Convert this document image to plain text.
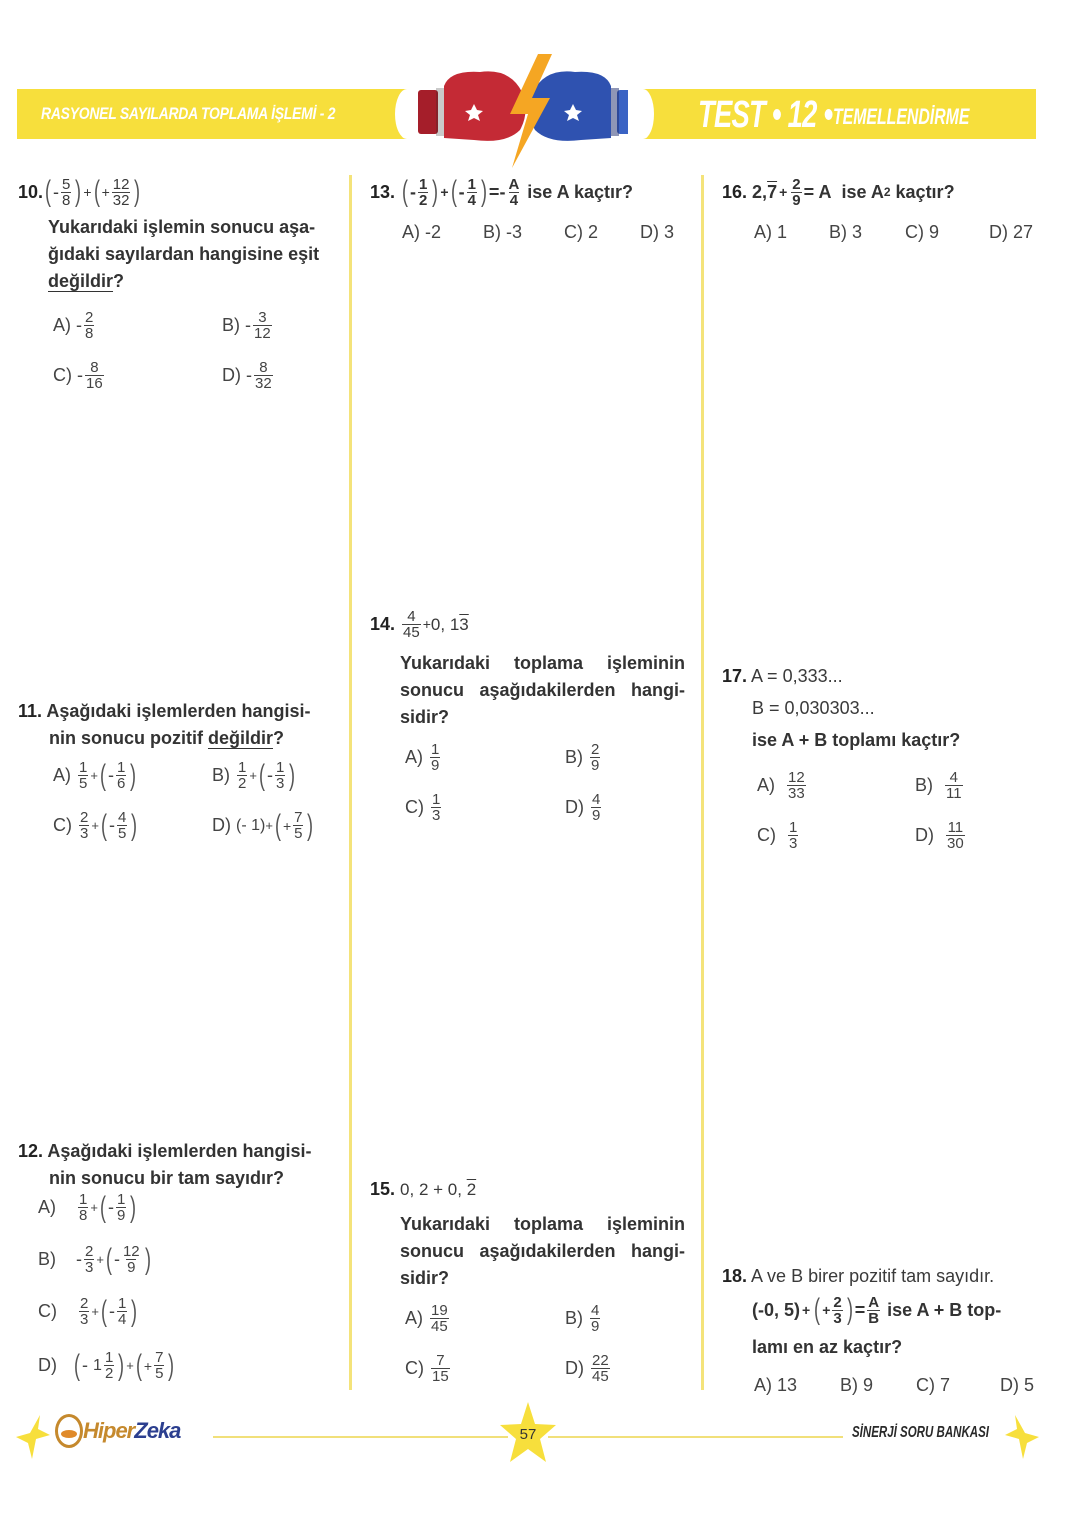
RASYONEL SAYILARDA TOPLAMA İŞLEMİ - 2	TEST • 12 • TEMELLENDİRME
10. ( - $\frac{5}{8}$ ) + ( + $\frac{12}{32}$ )
Yukarıdaki işlemin sonucu aşa-
ğıdaki sayılardan hangisine eşit
değildir?
A)
- $\frac{2}{8}$	B)
- $\frac{3}{12}$
C)
- $\frac{8}{16}$	D)
- $\frac{8}{32}$
11. Aşağıdaki işlemlerden hangisi-
nin sonucu pozitif değildir?
A)
$\frac{1}{5}$ + ( - $\frac{1}{6}$ )	B)
$\frac{1}{2}$ + ( - $\frac{1}{3}$ )
C)
$\frac{2}{3}$ + ( - $\frac{4}{5}$ )	D)
(- 1) + ( + $\frac{7}{5}$ )
12. Aşağıdaki işlemlerden hangisi-
nin sonucu bir tam sayıdır?
A)
$\frac{1}{8}$ + ( - $\frac{1}{9}$ )
B)
- $\frac{2}{3}$ + ( - $\frac{12}{9}$ )
C)
$\frac{2}{3}$ + ( - $\frac{1}{4}$ )
D)
( -
$1 \frac{1}{2}$ ) + ( + $\frac{7}{5}$ )
13.
( - $\frac{1}{2}$ ) + ( - $\frac{1}{4}$ ) = - $\frac{A}{4}$
ise A kaçtır?
A)
-2 B)
-3 C)
2 D)
3
14.
$\frac{4}{45} + 0$, 1 3
Yukarıdaki toplama işleminin
sonucu aşağıdakilerden hangi-
sidir?
A)
$\frac{1}{9}$	B)
$\frac{2}{9}$
C)
$\frac{1}{3}$	D)
$\frac{4}{9}$
15. 0, 2 + 0, 2
Yukarıdaki toplama işleminin
sonucu aşağıdakilerden hangi-
sidir?
A)
$\frac{19}{45}$	B)
$\frac{4}{9}$
C)
$\frac{7}{15}$	D)
$\frac{22}{45}$
16.
2, $7 + \frac{2}{9} = A$
ise A 2
kaçtır?
A)
1 B)
3 C)
9	D)
27
17. A = 0,333...
B = 0,030303...
ise A + B toplamı kaçtır?
A)
$\frac{12}{33}$	B)
$\frac{4}{11}$
C)
$\frac{1}{3}$	D)
$\frac{11}{30}$
18. A ve B birer pozitif tam sayıdır.
(-0, 5) + ( + $\frac{2}{3}$ ) = $\frac{A}{B}$
ise A + B top-
lamı en az kaçtır?
A)
13 B)
9 C)
7	D)
5
Hiper Zeka	57	SİNERJİ SORU BANKASI
